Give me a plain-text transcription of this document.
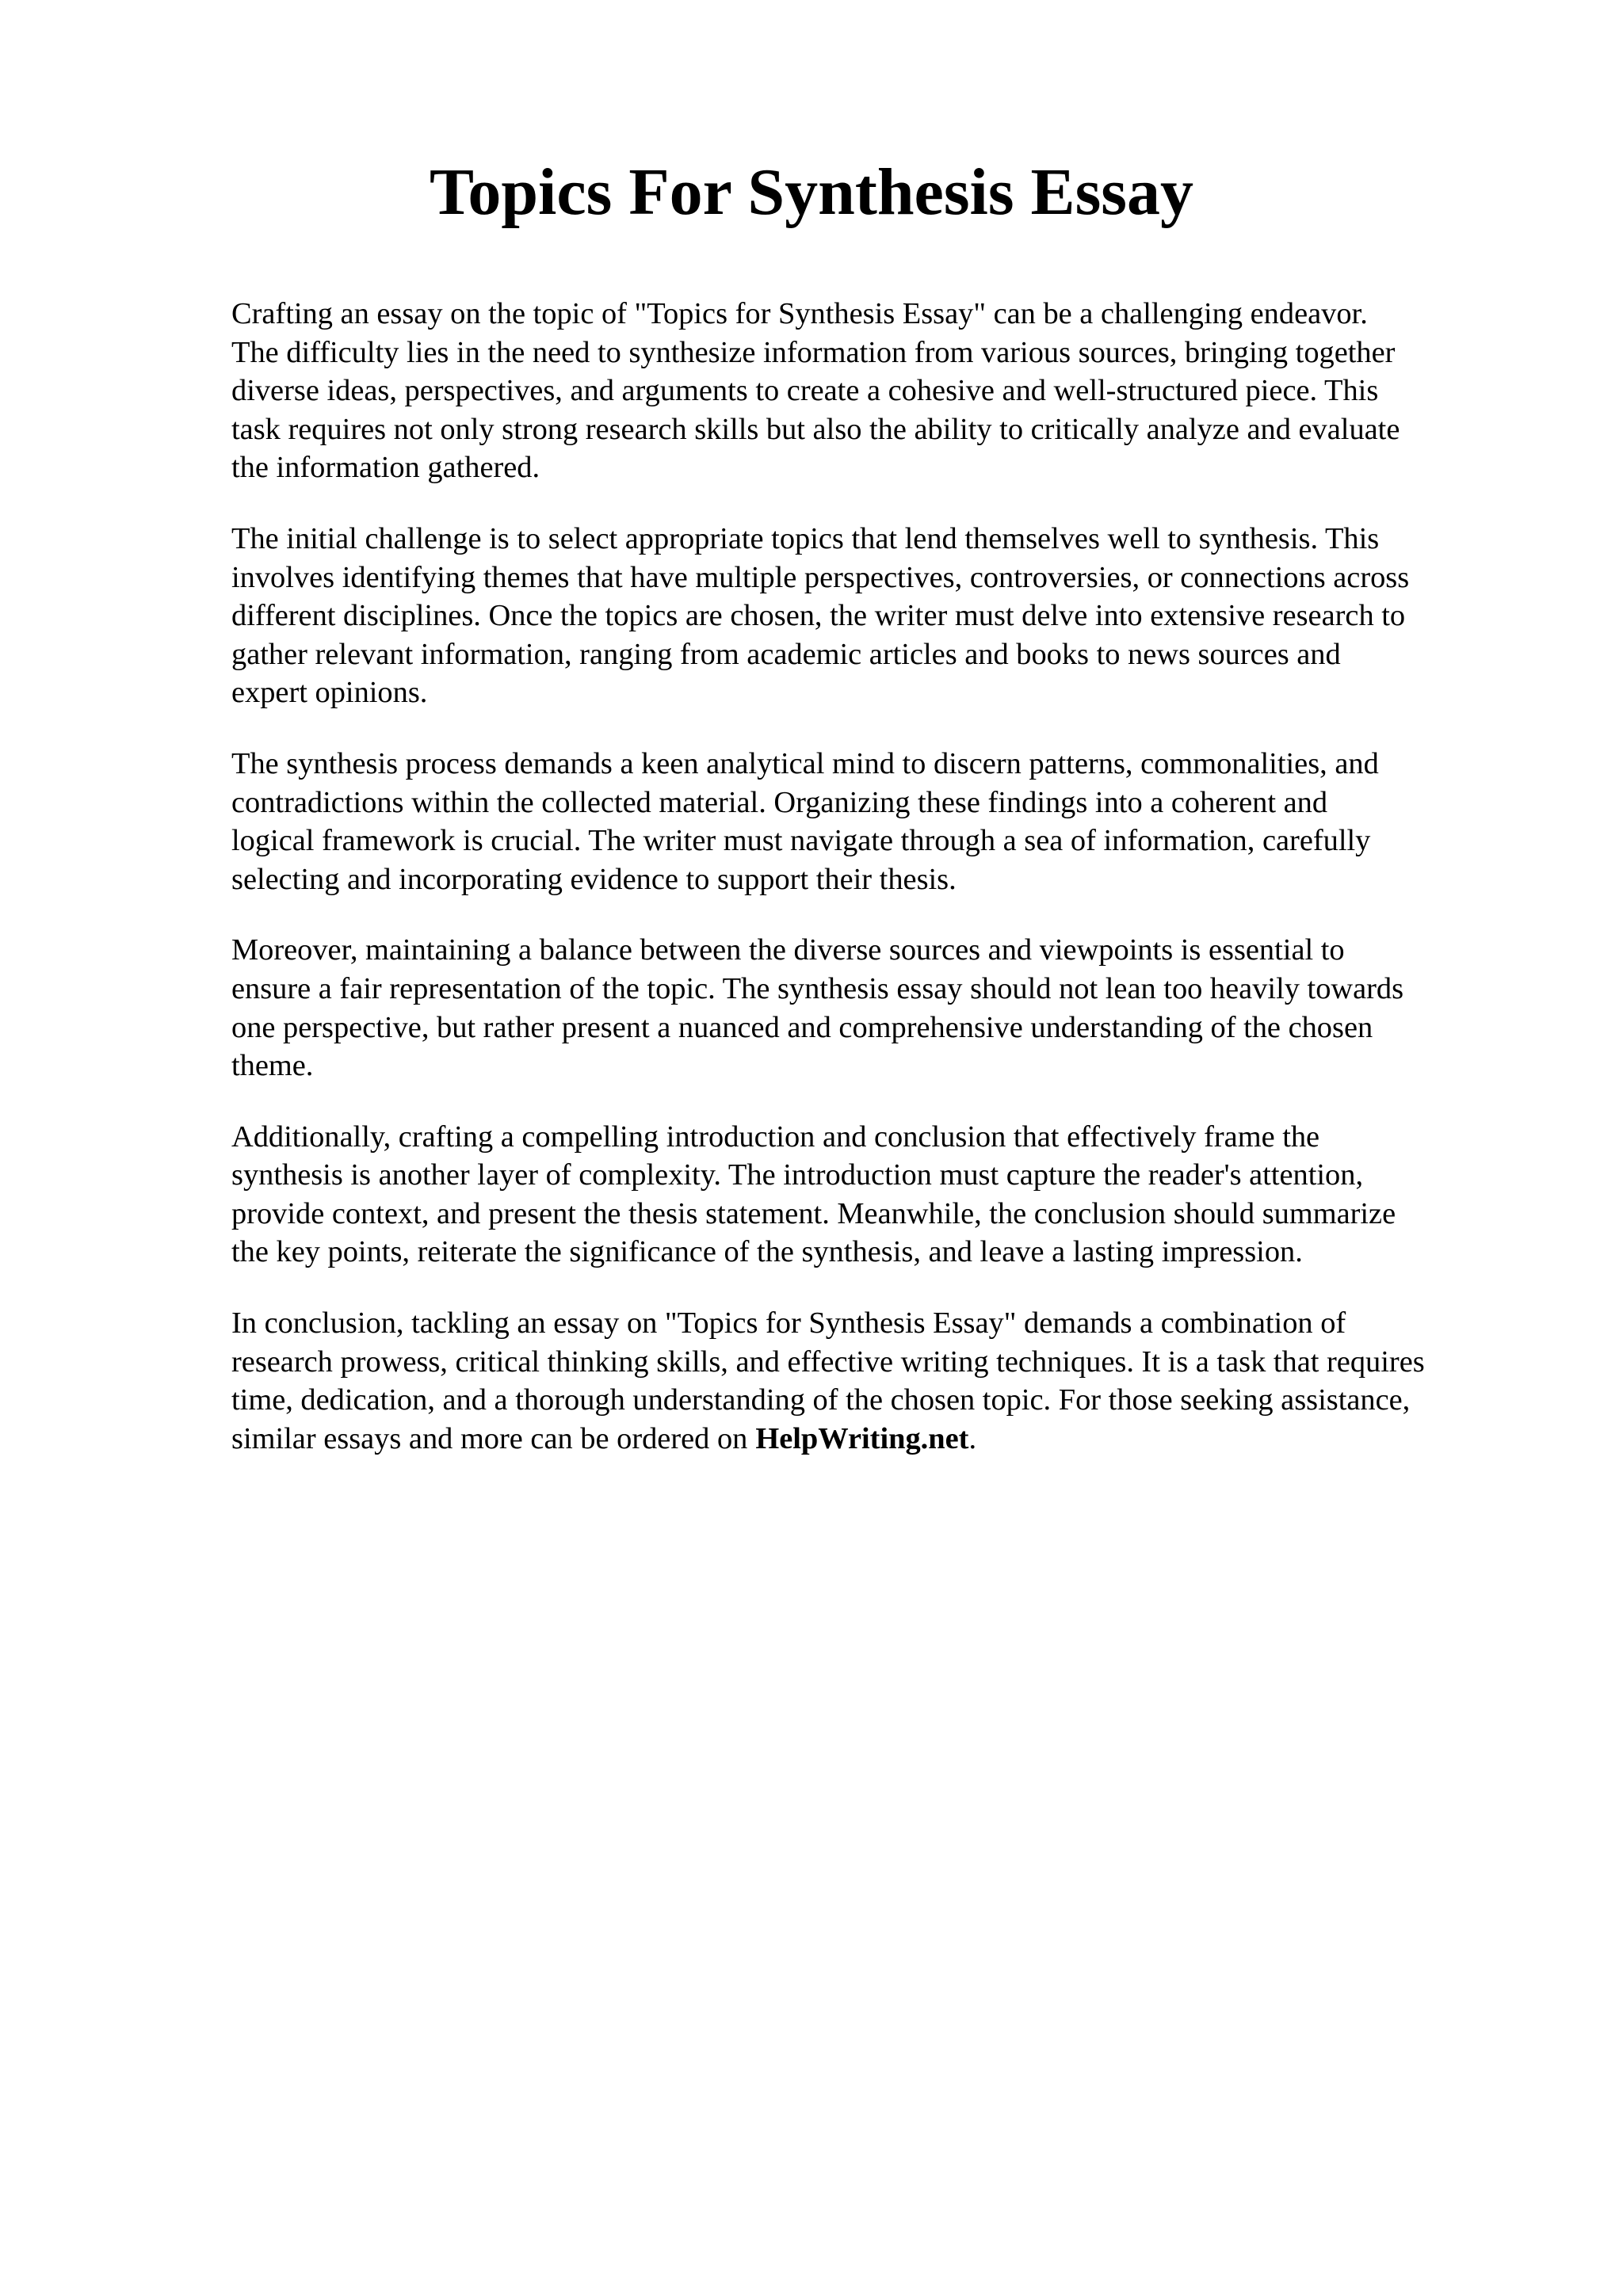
Topics For Synthesis Essay

Crafting an essay on the topic of "Topics for Synthesis Essay" can be a challenging endeavor.
The difficulty lies in the need to synthesize information from various sources, bringing together
diverse ideas, perspectives, and arguments to create a cohesive and well-structured piece. This
task requires not only strong research skills but also the ability to critically analyze and evaluate
the information gathered.

The initial challenge is to select appropriate topics that lend themselves well to synthesis. This
involves identifying themes that have multiple perspectives, controversies, or connections across
different disciplines. Once the topics are chosen, the writer must delve into extensive research to
gather relevant information, ranging from academic articles and books to news sources and
expert opinions.

The synthesis process demands a keen analytical mind to discern patterns, commonalities, and
contradictions within the collected material. Organizing these findings into a coherent and
logical framework is crucial. The writer must navigate through a sea of information, carefully
selecting and incorporating evidence to support their thesis.

Moreover, maintaining a balance between the diverse sources and viewpoints is essential to
ensure a fair representation of the topic. The synthesis essay should not lean too heavily towards
one perspective, but rather present a nuanced and comprehensive understanding of the chosen
theme.

Additionally, crafting a compelling introduction and conclusion that effectively frame the
synthesis is another layer of complexity. The introduction must capture the reader's attention,
provide context, and present the thesis statement. Meanwhile, the conclusion should summarize
the key points, reiterate the significance of the synthesis, and leave a lasting impression.

In conclusion, tackling an essay on "Topics for Synthesis Essay" demands a combination of
research prowess, critical thinking skills, and effective writing techniques. It is a task that requires
time, dedication, and a thorough understanding of the chosen topic. For those seeking assistance,
similar essays and more can be ordered on HelpWriting.net.
